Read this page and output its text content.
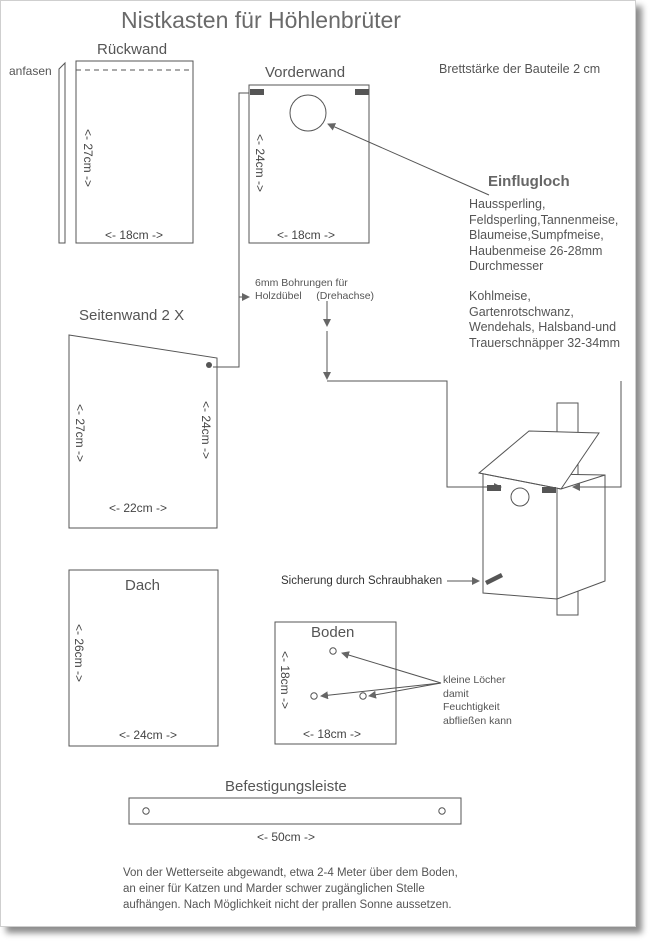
Nistkasten für Höhlenbrüter

Brettstärke der Bauteile 2 cm

Rückwand

anfasen

<- 27cm ->

<- 18cm ->

Vorderwand

<- 24cm ->

<- 18cm ->

Einflugloch

Haussperling,
Feldsperling,Tannenmeise,
Blaumeise,Sumpfmeise,
Haubenmeise 26-28mm
Durchmesser
Kohlmeise,
Gartenrotschwanz,
Wendehals, Halsband-und
Trauerschnäpper 32-34mm
6mm Bohrungen für
Holzdübel     (Drehachse)

Seitenwand 2 X

<- 27cm ->	<- 24cm ->

<- 22cm ->

Sicherung durch Schraubhaken

Dach

<- 26cm ->

<- 24cm ->

Boden

<- 18cm ->

<- 18cm ->

kleine Löcher
damit
Feuchtigkeit
abfließen kann

Befestigungsleiste

<- 50cm ->

Von der Wetterseite abgewandt, etwa 2-4 Meter über dem Boden,
an einer für Katzen und Marder schwer zugänglichen Stelle
aufhängen. Nach Möglichkeit nicht der prallen Sonne aussetzen.
